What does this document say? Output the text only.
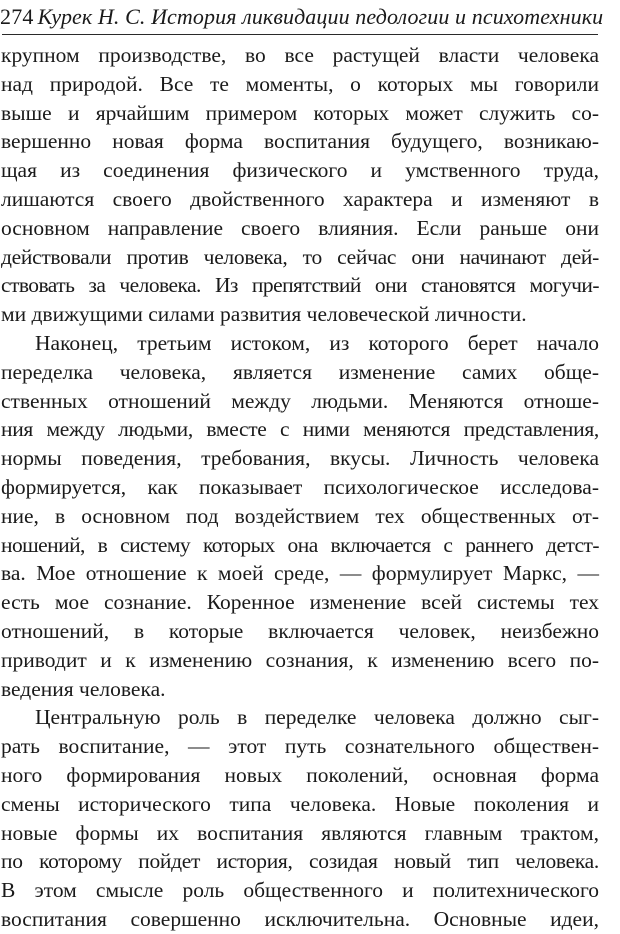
274 Курек Н. С. История ликвидации педологии и психотехники
крупном производстве, во все растущей власти человека
над природой. Все те моменты, о которых мы говорили
выше и ярчайшим примером которых может служить со-
вершенно новая форма воспитания будущего, возникаю-
щая из соединения физического и умственного труда,
лишаются своего двойственного характера и изменяют в
основном направление своего влияния. Если раньше они
действовали против человека, то сейчас они начинают дей-
ствовать за человека. Из препятствий они становятся могучи-
ми движущими силами развития человеческой личности.
Наконец, третьим истоком, из которого берет начало
переделка человека, является изменение самих обще-
ственных отношений между людьми. Меняются отноше-
ния между людьми, вместе с ними меняются представления,
нормы поведения, требования, вкусы. Личность человека
формируется, как показывает психологическое исследова-
ние, в основном под воздействием тех общественных от-
ношений, в систему которых она включается с раннего детст-
ва. Мое отношение к моей среде, — формулирует Маркс, —
есть мое сознание. Коренное изменение всей системы тех
отношений, в которые включается человек, неизбежно
приводит и к изменению сознания, к изменению всего по-
ведения человека.
Центральную роль в переделке человека должно сыг-
рать воспитание, — этот путь сознательного обществен-
ного формирования новых поколений, основная форма
смены исторического типа человека. Новые поколения и
новые формы их воспитания являются главным трактом,
по которому пойдет история, созидая новый тип человека.
В этом смысле роль общественного и политехнического
воспитания совершенно исключительна. Основные идеи,
